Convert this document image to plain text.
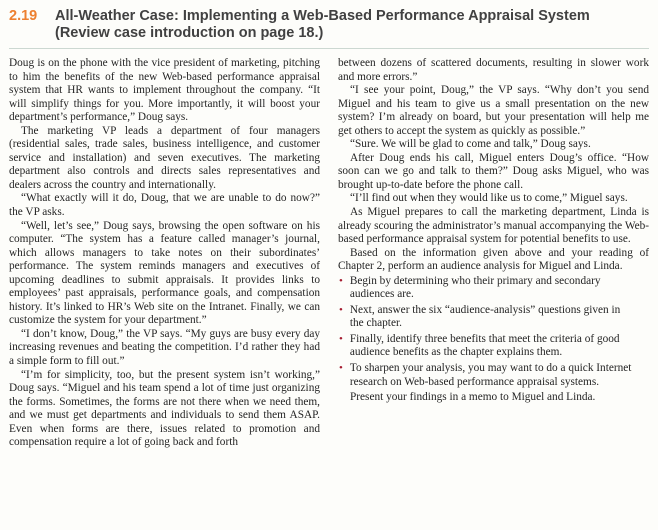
2.19	All-Weather Case: Implementing a Web-Based Performance Appraisal System
(Review case introduction on page 18.)

Doug is on the phone with the vice president of marketing, pitching to him the benefits of the new Web-based performance appraisal system that HR wants to implement throughout the company. “It will simplify things for you. More importantly, it will boost your department’s performance,” Doug says.

The marketing VP leads a department of four managers (residential sales, trade sales, business intelligence, and customer service and installation) and seven executives. The marketing department also controls and directs sales representatives and dealers across the country and internationally.

“What exactly will it do, Doug, that we are unable to do now?” the VP asks.

“Well, let’s see,” Doug says, browsing the open software on his computer. “The system has a feature called manager’s journal, which allows managers to take notes on their subordinates’ performance. The system reminds managers and executives of upcoming deadlines to submit appraisals. It provides links to employees’ past appraisals, performance goals, and compensation history. It’s linked to HR’s Web site on the Intranet. Finally, we can customize the system for your department.”

“I don’t know, Doug,” the VP says. “My guys are busy every day increasing revenues and beating the competition. I’d rather they had a simple form to fill out.”

“I’m for simplicity, too, but the present system isn’t working,” Doug says. “Miguel and his team spend a lot of time just organizing the forms. Sometimes, the forms are not there when we need them, and we must get departments and individuals to send them ASAP. Even when forms are there, issues related to promotion and compensation require a lot of going back and forth

between dozens of scattered documents, resulting in slower work and more errors.”

“I see your point, Doug,” the VP says. “Why don’t you send Miguel and his team to give us a small presentation on the new system? I’m already on board, but your presentation will help me get others to accept the system as quickly as possible.”

“Sure. We will be glad to come and talk,” Doug says.

After Doug ends his call, Miguel enters Doug’s office. “How soon can we go and talk to them?” Doug asks Miguel, who was brought up-to-date before the phone call.

“I’ll find out when they would like us to come,” Miguel says.

As Miguel prepares to call the marketing department, Linda is already scouring the administrator’s manual accompanying the Web-based performance appraisal system for potential benefits to use.

Based on the information given above and your reading of Chapter 2, perform an audience analysis for Miguel and Linda.

• Begin by determining who their primary and secondary audiences are.
• Next, answer the six “audience-analysis” questions given in the chapter.
• Finally, identify three benefits that meet the criteria of good audience benefits as the chapter explains them.
• To sharpen your analysis, you may want to do a quick Internet research on Web-based performance appraisal systems.

Present your findings in a memo to Miguel and Linda.
